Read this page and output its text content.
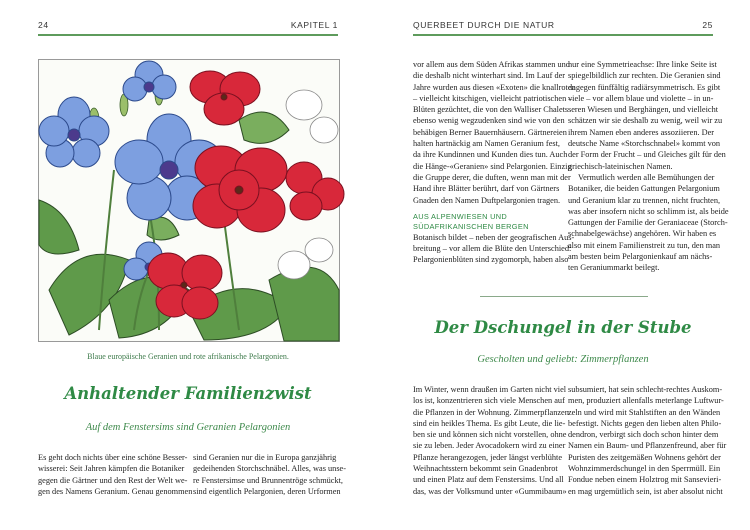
24	KAPITEL 1
Blaue europäische Geranien und rote afrikanische Pelargonien.
Anhaltender Familienzwist
Auf dem Fenstersims sind Geranien Pelargonien
Es geht doch nichts über eine schöne Besser-
wisserei: Seit Jahren kämpfen die Botaniker
gegen die Gärtner und den Rest der Welt we-
gen des Namens Geranium. Genau genommen
sind Geranien nur die in Europa ganzjährig
gedeihenden Storchschnäbel. Alles, was unse-
re Fenstersimse und Brunnentröge schmückt,
sind eigentlich Pelargonien, deren Urformen
QUERBEET DURCH DIE NATUR	25
vor allem aus dem Süden Afrikas stammen und
die deshalb nicht winterhart sind. Im Lauf der
Jahre wurden aus diesen «Exoten» die knallroten
– vielleicht kitschigen, vielleicht patriotischen –
Blüten gezüchtet, die von den Walliser Chalets
ebenso wenig wegzudenken sind wie von den
behäbigen Berner Bauernhäusern. Gärtnereien
halten hartnäckig am Namen Geranium fest,
da ihre Kundinnen und Kunden dies tun. Auch
die Hänge-«Geranien» sind Pelargonien. Einzig
die Gruppe derer, die duften, wenn man mit der
Hand ihre Blätter berührt, darf von Gärtners
Gnaden den Namen Duftpelargonien tragen.
AUS ALPENWIESEN UND
SÜDAFRIKANISCHEN BERGEN
Botanisch bildet – neben der geografischen Aus-
breitung – vor allem die Blüte den Unterschied:
Pelargonienblüten sind zygomorph, haben also
nur eine Symmetrieachse: Ihre linke Seite ist
spiegelbildlich zur rechten. Die Geranien sind
dagegen fünffältig radiärsymmetrisch. Es gibt
viele – vor allem blaue und violette – in un-
seren Wiesen und Berghängen, und vielleicht
schätzen wir sie deshalb zu wenig, weil wir zu
ihrem Namen eben anderes assoziieren. Der
deutsche Name «Storchschnabel» kommt von
der Form der Frucht – und Gleiches gilt für den
griechisch-lateinischen Namen.
Vermutlich werden alle Bemühungen der
Botaniker, die beiden Gattungen Pelargonium
und Geranium klar zu trennen, nicht fruchten,
was aber insofern nicht so schlimm ist, als beide
Gattungen der Familie der Geraniaceae (Storch-
schnabelgewächse) angehören. Wir haben es
also mit einem Familienstreit zu tun, den man
am besten beim Pelargonienkauf am nächs-
ten Geraniummarkt beilegt.
Der Dschungel in der Stube
Gescholten und geliebt: Zimmerpflanzen
Im Winter, wenn draußen im Garten nicht viel
los ist, konzentrieren sich viele Menschen auf
die Pflanzen in der Wohnung. Zimmerpflanzen
sind ein heikles Thema. Es gibt Leute, die lie-
ben sie und können sich nicht vorstellen, ohne
sie zu leben. Jeder Avocadokern wird zu einer
Pflanze herangezogen, jeder längst verblühte
Weihnachtsstern bekommt sein Gnadenbrot
und einen Platz auf dem Fenstersims. Und all
das, was der Volksmund unter «Gummibaum»
subsumiert, hat sein schlecht-rechtes Auskom-
men, produziert allenfalls meterlange Luftwur-
zeln und wird mit Stahlstiften an den Wänden
befestigt. Nichts gegen den lieben alten Philo-
dendron, verbirgt sich doch schon hinter dem
Namen ein Baum- und Pflanzenfreund, aber für
Puristen des zeitgemäßen Wohnens gehört der
Wohnzimmerdschungel in den Sperrmüll. Ein
Fondue neben einem Holztrog mit Sansevieri-
en mag urgemütlich sein, ist aber absolut nicht
